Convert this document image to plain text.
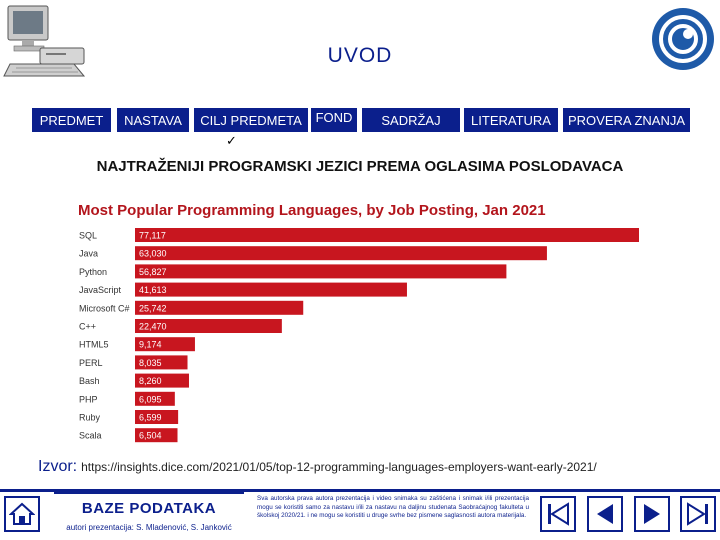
UVOD
PREDMET	NASTAVA	CILJ PREDMETA	FOND	SADRŽAJ	LITERATURA	PROVERA ZNANJA
✓
NAJTRAŽENIJI PROGRAMSKI JEZICI PREMA OGLASIMA POSLODAVACA
Most Popular Programming Languages, by Job Posting, Jan 2021
SQL	77,117
Java	63,030
Python	56,827
JavaScript 41,613
Microsoft C# 25,742
C++	22,470
HTML5	9,174
PERL	8,035
Bash	8,260
PHP	6,095
Ruby	6,599
Scala	6,504
Izvor: https://insights.dice.com/2021/01/05/top-12-programming-languages-employers-want-early-2021/
BAZE PODATAKA
autori prezentacija: S. Mladenović, S. Janković
Sva autorska prava autora prezentacija i video snimaka su zaštićena i snimak i/ili prezentacija mogu se koristiti samo za nastavu i/ili za nastavu na daljinu studenata Saobraćajnog fakulteta u školskoj 2020/21. i ne mogu se koristiti u druge svrhe bez pismene saglasnosti autora materijala.
